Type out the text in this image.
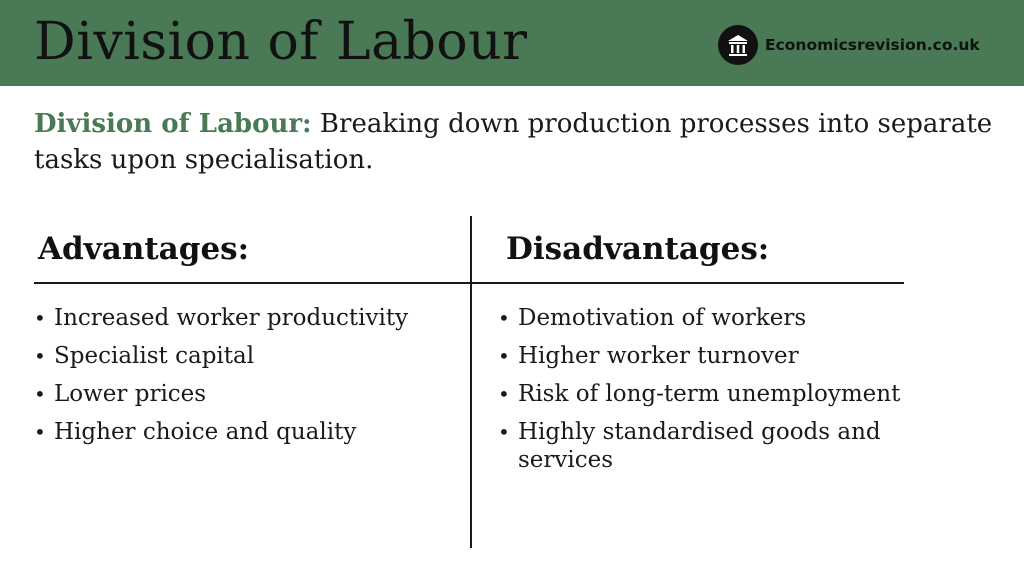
Division of Labour	Economicsrevision.co.uk

Division of Labour: Breaking down production processes into separate tasks upon specialisation.

Advantages:	Disadvantages:
• Increased worker productivity
• Specialist capital
• Lower prices
• Higher choice and quality
• Demotivation of workers
• Higher worker turnover
• Risk of long-term unemployment
• Highly standardised goods and services
